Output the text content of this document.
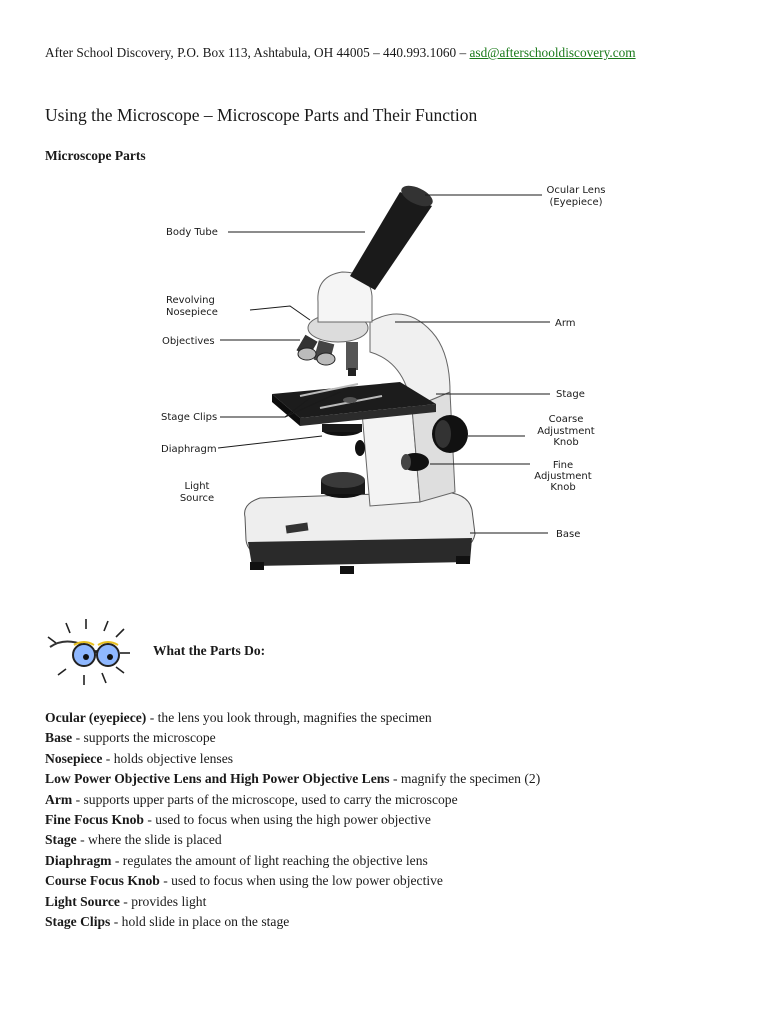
After School Discovery, P.O. Box 113, Ashtabula, OH 44005 – 440.993.1060 – asd@afterschooldiscovery.com
Using the Microscope – Microscope Parts and Their Function
Microscope Parts
Ocular Lens
(Eyepiece)
Body Tube
Revolving
Nosepiece
Objectives
Arm
Stage
Stage Clips	Coarse
Adjustment
Knob
Diaphragm
Fine
Adjustment
Knob
Light
Source
Base
What the Parts Do:
Ocular (eyepiece) - the lens you look through, magnifies the specimen
Base - supports the microscope
Nosepiece - holds objective lenses
Low Power Objective Lens and High Power Objective Lens - magnify the specimen (2)
Arm - supports upper parts of the microscope, used to carry the microscope
Fine Focus Knob - used to focus when using the high power objective
Stage - where the slide is placed
Diaphragm - regulates the amount of light reaching the objective lens
Course Focus Knob - used to focus when using the low power objective
Light Source - provides light
Stage Clips - hold slide in place on the stage
